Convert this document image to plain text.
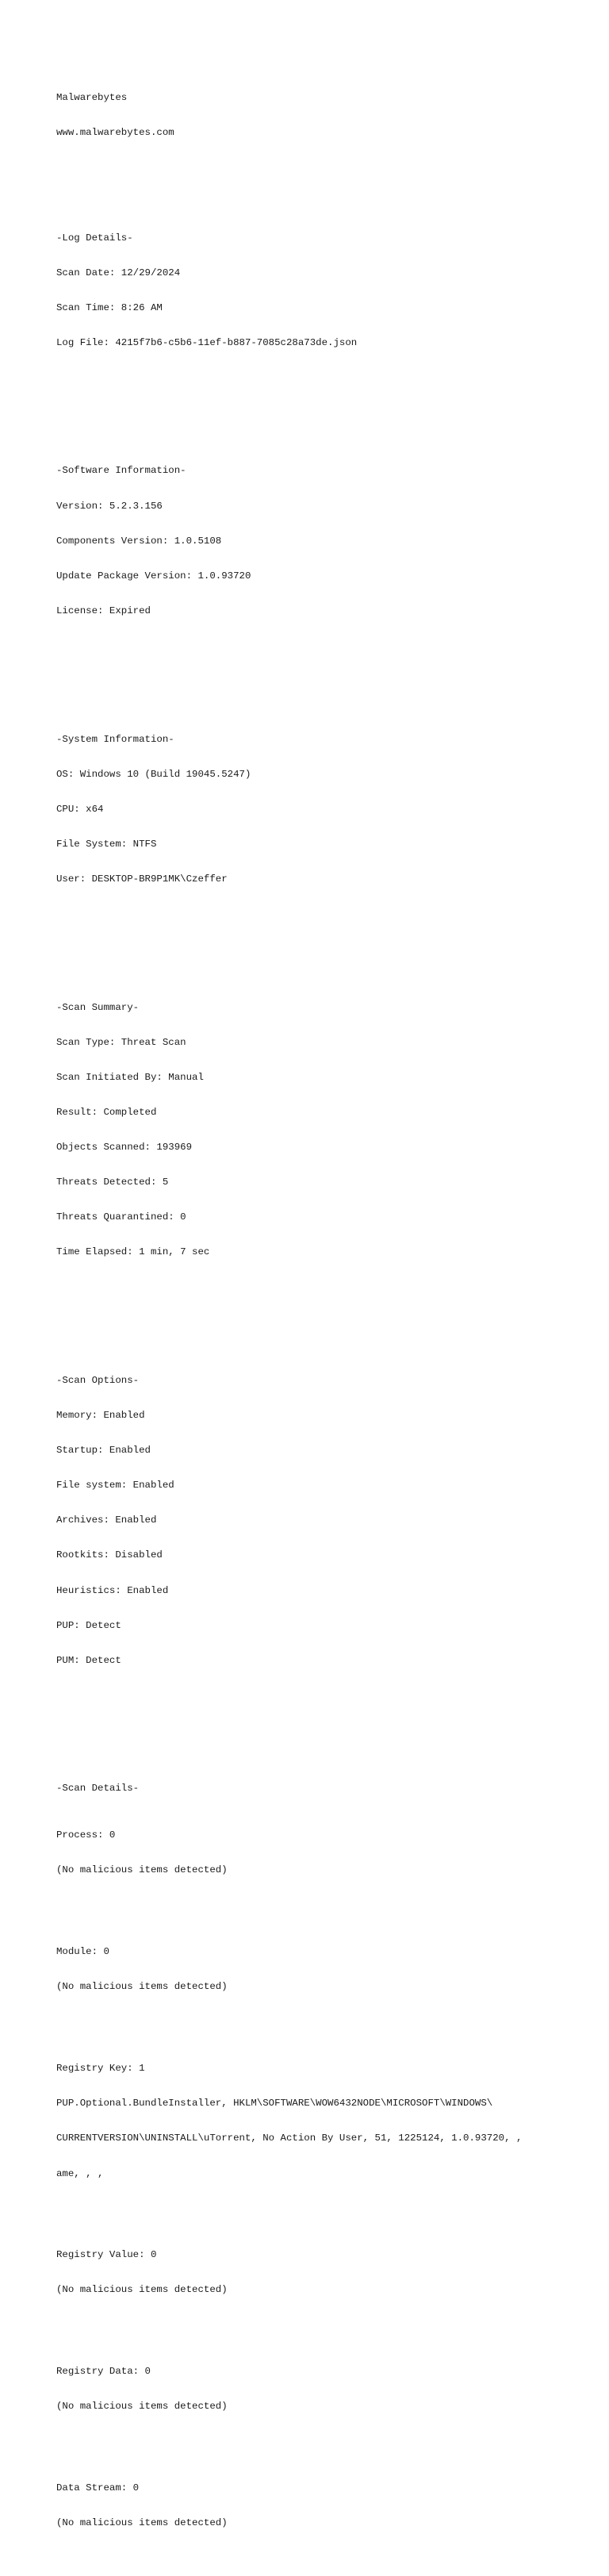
Malwarebytes

www.malwarebytes.com

-Log Details-

Scan Date: 12/29/2024

Scan Time: 8:26 AM

Log File: 4215f7b6-c5b6-11ef-b887-7085c28a73de.json

-Software Information-

Version: 5.2.3.156

Components Version: 1.0.5108

Update Package Version: 1.0.93720

License: Expired

-System Information-

OS: Windows 10 (Build 19045.5247)

CPU: x64

File System: NTFS

User: DESKTOP-BR9P1MK\Czeffer

-Scan Summary-

Scan Type: Threat Scan

Scan Initiated By: Manual

Result: Completed

Objects Scanned: 193969

Threats Detected: 5

Threats Quarantined: 0

Time Elapsed: 1 min, 7 sec

-Scan Options-

Memory: Enabled

Startup: Enabled

File system: Enabled

Archives: Enabled

Rootkits: Disabled

Heuristics: Enabled

PUP: Detect

PUM: Detect

-Scan Details-

Process: 0

(No malicious items detected)

Module: 0

(No malicious items detected)

Registry Key: 1

PUP.Optional.BundleInstaller, HKLM\SOFTWARE\WOW6432NODE\MICROSOFT\WINDOWS\

CURRENTVERSION\UNINSTALL\uTorrent, No Action By User, 51, 1225124, 1.0.93720, ,

ame, , ,

Registry Value: 0

(No malicious items detected)

Registry Data: 0

(No malicious items detected)

Data Stream: 0

(No malicious items detected)
